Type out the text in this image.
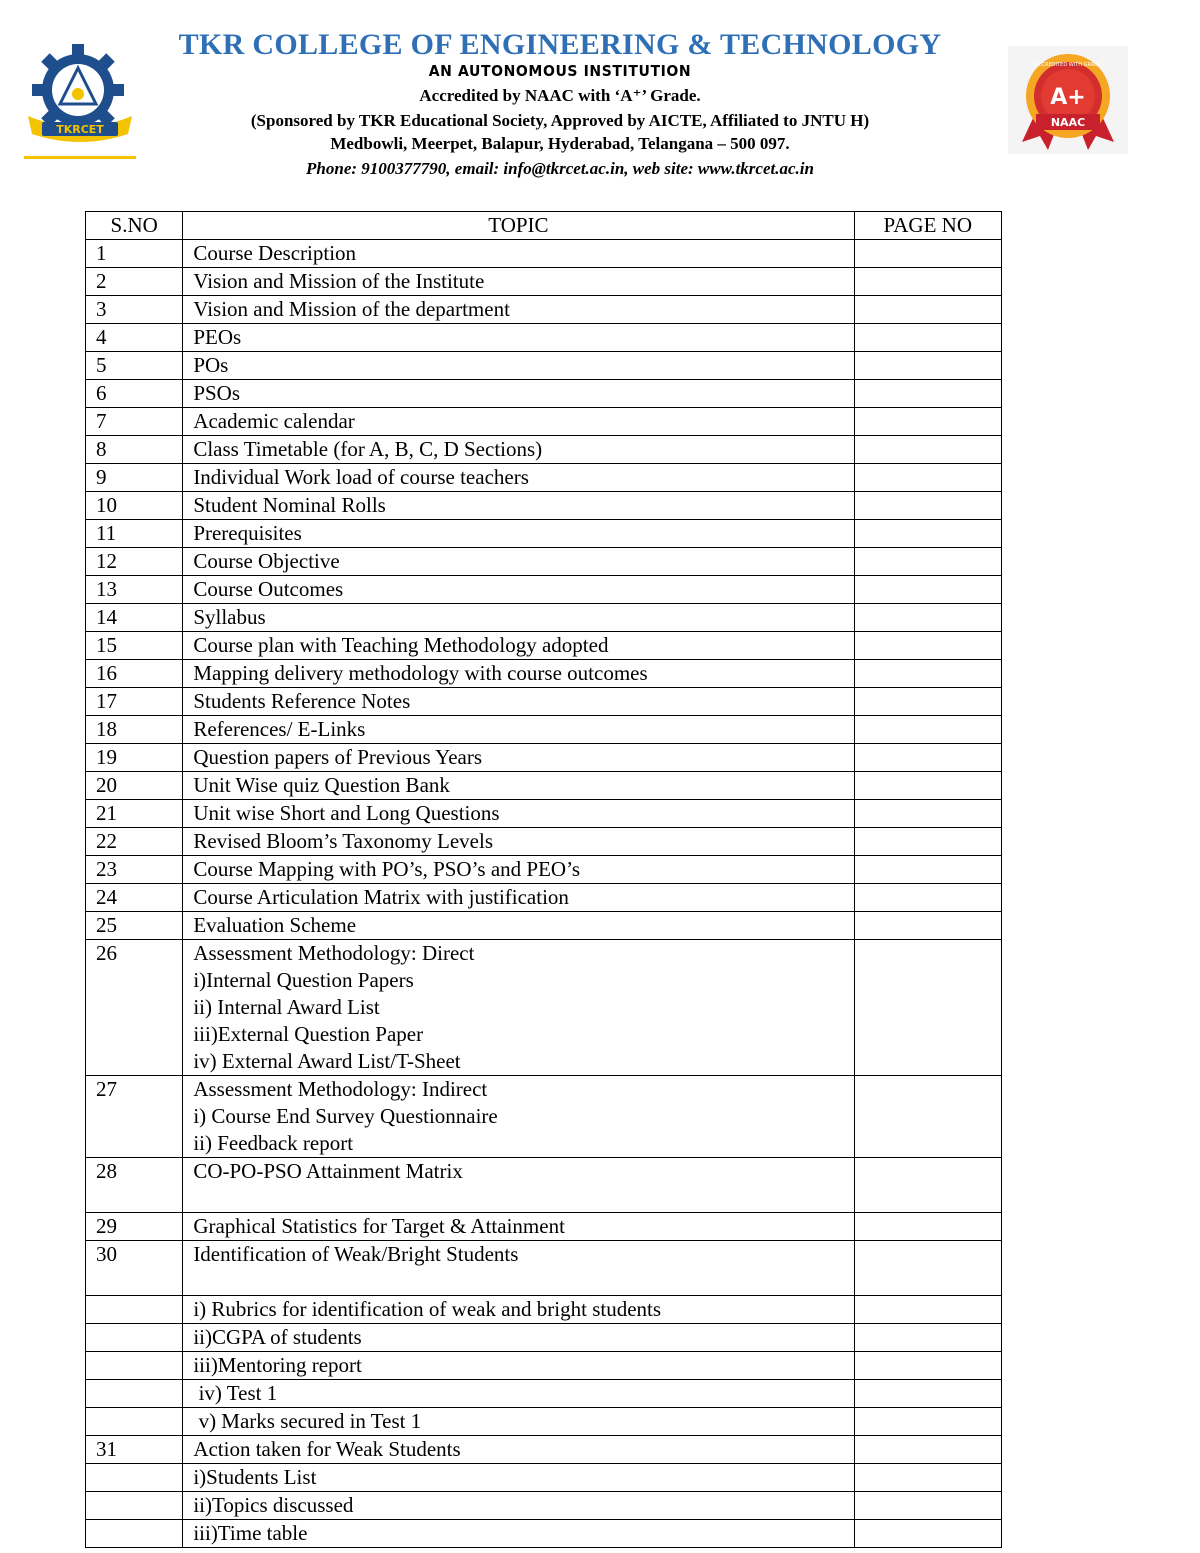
TKRCET
TKR COLLEGE OF ENGINEERING & TECHNOLOGY
AN AUTONOMOUS INSTITUTION
Accredited by NAAC with ‘A⁺’ Grade.
(Sponsored by TKR Educational Society, Approved by AICTE, Affiliated to JNTU H)
Medbowli, Meerpet, Balapur, Hyderabad, Telangana – 500 097.
Phone: 9100377790, email: info@tkrcet.ac.in, web site: www.tkrcet.ac.in
ACCREDITED WITH GRADE
A+
NAAC
S.NO	TOPIC	PAGE NO
1	Course Description	

2	Vision and Mission of the Institute	

3	Vision and Mission of the department	

4	PEOs	

5	POs	

6	PSOs	

7	Academic calendar	

8	Class Timetable (for A, B, C, D Sections)	

9	Individual Work load of course teachers	

10	Student Nominal Rolls	

11	Prerequisites	

12	Course Objective	

13	Course Outcomes	

14	Syllabus	

15	Course plan with Teaching Methodology adopted	

16	Mapping delivery methodology with course outcomes	

17	Students Reference Notes	

18	References/ E-Links	

19	Question papers of Previous Years	

20	Unit Wise quiz Question Bank	

21	Unit wise Short and Long Questions	

22	Revised Bloom’s Taxonomy Levels	

23	Course Mapping with PO’s, PSO’s and PEO’s	

24	Course Articulation Matrix with justification	

25	Evaluation Scheme	

26	Assessment Methodology: Direct
i)Internal Question Papers
ii) Internal Award List
iii)External Question Paper
iv) External Award List/T-Sheet	

27	Assessment Methodology: Indirect
i) Course End Survey Questionnaire
ii) Feedback report	

28	CO-PO-PSO Attainment Matrix	

29	Graphical Statistics for Target & Attainment	

30	Identification of Weak/Bright Students	

	i) Rubrics for identification of weak and bright students	

	ii)CGPA of students	

	iii)Mentoring report	

	iv) Test 1	

	v) Marks secured in Test 1	

31	Action taken for Weak Students	

	i)Students List	

	ii)Topics discussed	

	iii)Time table	
